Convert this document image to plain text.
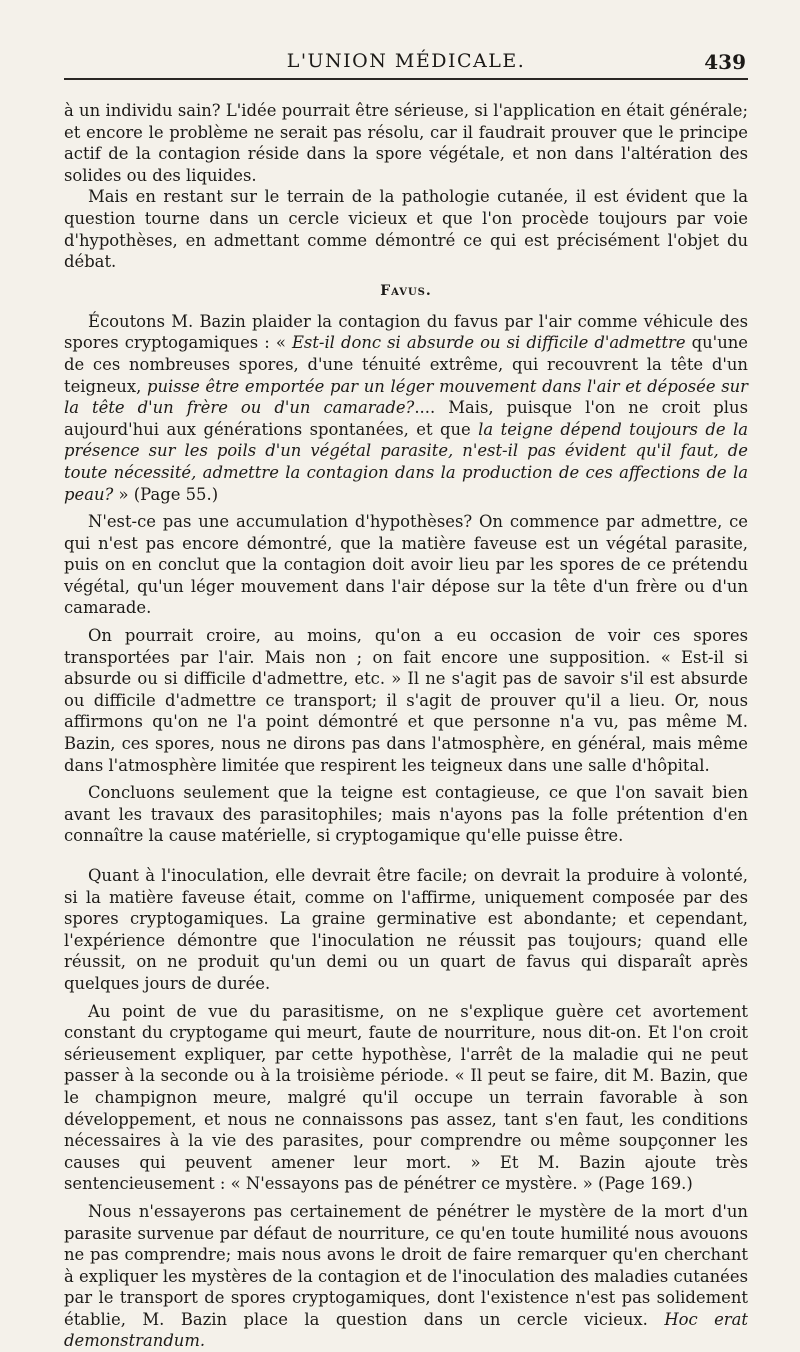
L'UNION MÉDICALE.	439

à un individu sain? L'idée pourrait être sérieuse, si l'application en était générale; et encore le problème ne serait pas résolu, car il faudrait prouver que le principe actif de la contagion réside dans la spore végétale, et non dans l'altération des solides ou des liquides.

Mais en restant sur le terrain de la pathologie cutanée, il est évident que la question tourne dans un cercle vicieux et que l'on procède toujours par voie d'hypothèses, en admettant comme démontré ce qui est précisément l'objet du débat.

Favus.

Écoutons M. Bazin plaider la contagion du favus par l'air comme véhicule des spores cryptogamiques : « Est-il donc si absurde ou si difficile d'admettre qu'une de ces nombreuses spores, d'une ténuité extrême, qui recouvrent la tête d'un teigneux, puisse être emportée par un léger mouvement dans l'air et déposée sur la tête d'un frère ou d'un camarade?.... Mais, puisque l'on ne croit plus aujourd'hui aux générations spontanées, et que la teigne dépend toujours de la présence sur les poils d'un végétal parasite, n'est-il pas évident qu'il faut, de toute nécessité, admettre la contagion dans la production de ces affections de la peau? » (Page 55.)

N'est-ce pas une accumulation d'hypothèses? On commence par admettre, ce qui n'est pas encore démontré, que la matière faveuse est un végétal parasite, puis on en conclut que la contagion doit avoir lieu par les spores de ce prétendu végétal, qu'un léger mouvement dans l'air dépose sur la tête d'un frère ou d'un camarade.

On pourrait croire, au moins, qu'on a eu occasion de voir ces spores transportées par l'air. Mais non ; on fait encore une supposition. « Est-il si absurde ou si difficile d'admettre, etc. » Il ne s'agit pas de savoir s'il est absurde ou difficile d'admettre ce transport; il s'agit de prouver qu'il a lieu. Or, nous affirmons qu'on ne l'a point démontré et que personne n'a vu, pas même M. Bazin, ces spores, nous ne dirons pas dans l'atmosphère, en général, mais même dans l'atmosphère limitée que respirent les teigneux dans une salle d'hôpital.

Concluons seulement que la teigne est contagieuse, ce que l'on savait bien avant les travaux des parasitophiles; mais n'ayons pas la folle prétention d'en connaître la cause matérielle, si cryptogamique qu'elle puisse être.

Quant à l'inoculation, elle devrait être facile; on devrait la produire à volonté, si la matière faveuse était, comme on l'affirme, uniquement composée par des spores cryptogamiques. La graine germinative est abondante; et cependant, l'expérience démontre que l'inoculation ne réussit pas toujours; quand elle réussit, on ne produit qu'un demi ou un quart de favus qui disparaît après quelques jours de durée.

Au point de vue du parasitisme, on ne s'explique guère cet avortement constant du cryptogame qui meurt, faute de nourriture, nous dit-on. Et l'on croit sérieusement expliquer, par cette hypothèse, l'arrêt de la maladie qui ne peut passer à la seconde ou à la troisième période. « Il peut se faire, dit M. Bazin, que le champignon meure, malgré qu'il occupe un terrain favorable à son développement, et nous ne connaissons pas assez, tant s'en faut, les conditions nécessaires à la vie des parasites, pour comprendre ou même soupçonner les causes qui peuvent amener leur mort. » Et M. Bazin ajoute très sentencieusement : « N'essayons pas de pénétrer ce mystère. » (Page 169.)

Nous n'essayerons pas certainement de pénétrer le mystère de la mort d'un parasite survenue par défaut de nourriture, ce qu'en toute humilité nous avouons ne pas comprendre; mais nous avons le droit de faire remarquer qu'en cherchant à expliquer les mystères de la contagion et de l'inoculation des maladies cutanées par le transport de spores cryptogamiques, dont l'existence n'est pas solidement établie, M. Bazin place la question dans un cercle vicieux. Hoc erat demonstrandum.
